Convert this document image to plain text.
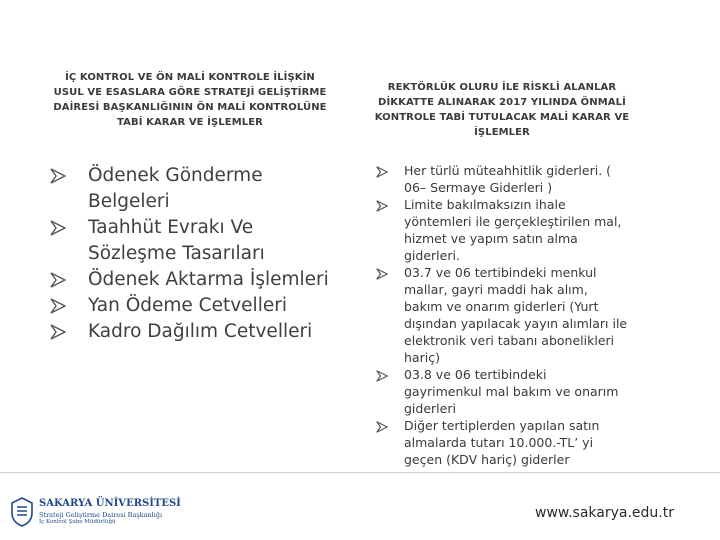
İÇ KONTROL VE ÖN MALİ KONTROLE İLİŞKİN USUL VE ESASLARA GÖRE STRATEJİ GELİŞTİRME DAİRESİ BAŞKANLIĞININ ÖN MALİ KONTROLÜNE TABİ KARAR VE İŞLEMLER
Ödenek Gönderme Belgeleri
Taahhüt Evrakı Ve Sözleşme Tasarıları
Ödenek Aktarma İşlemleri
Yan Ödeme Cetvelleri
Kadro Dağılım Cetvelleri
REKTÖRLÜK OLURU İLE RİSKLİ ALANLAR DİKKATTE ALINARAK 2017 YILINDA ÖNMALİ KONTROLE TABİ TUTULACAK MALİ KARAR VE İŞLEMLER
Her türlü müteahhitlik giderleri. ( 06– Sermaye Giderleri )
Limite bakılmaksızın ihale yöntemleri ile gerçekleştirilen mal, hizmet ve yapım satın alma giderleri.
03.7 ve 06 tertibindeki menkul mallar, gayri maddi hak alım, bakım ve onarım giderleri (Yurt dışından yapılacak yayın alımları ile elektronik veri tabanı abonelikleri hariç)
03.8 ve 06 tertibindeki gayrimenkul mal bakım ve onarım giderleri
Diğer tertiplerden yapılan satın almalarda tutarı 10.000.-TL’ yi geçen (KDV hariç) giderler
SAKARYA ÜNİVERSİTESİ
Strateji Geliştirme Dairesi Başkanlığı
İç Kontrol Şube Müdürlüğü
www.sakarya.edu.tr
